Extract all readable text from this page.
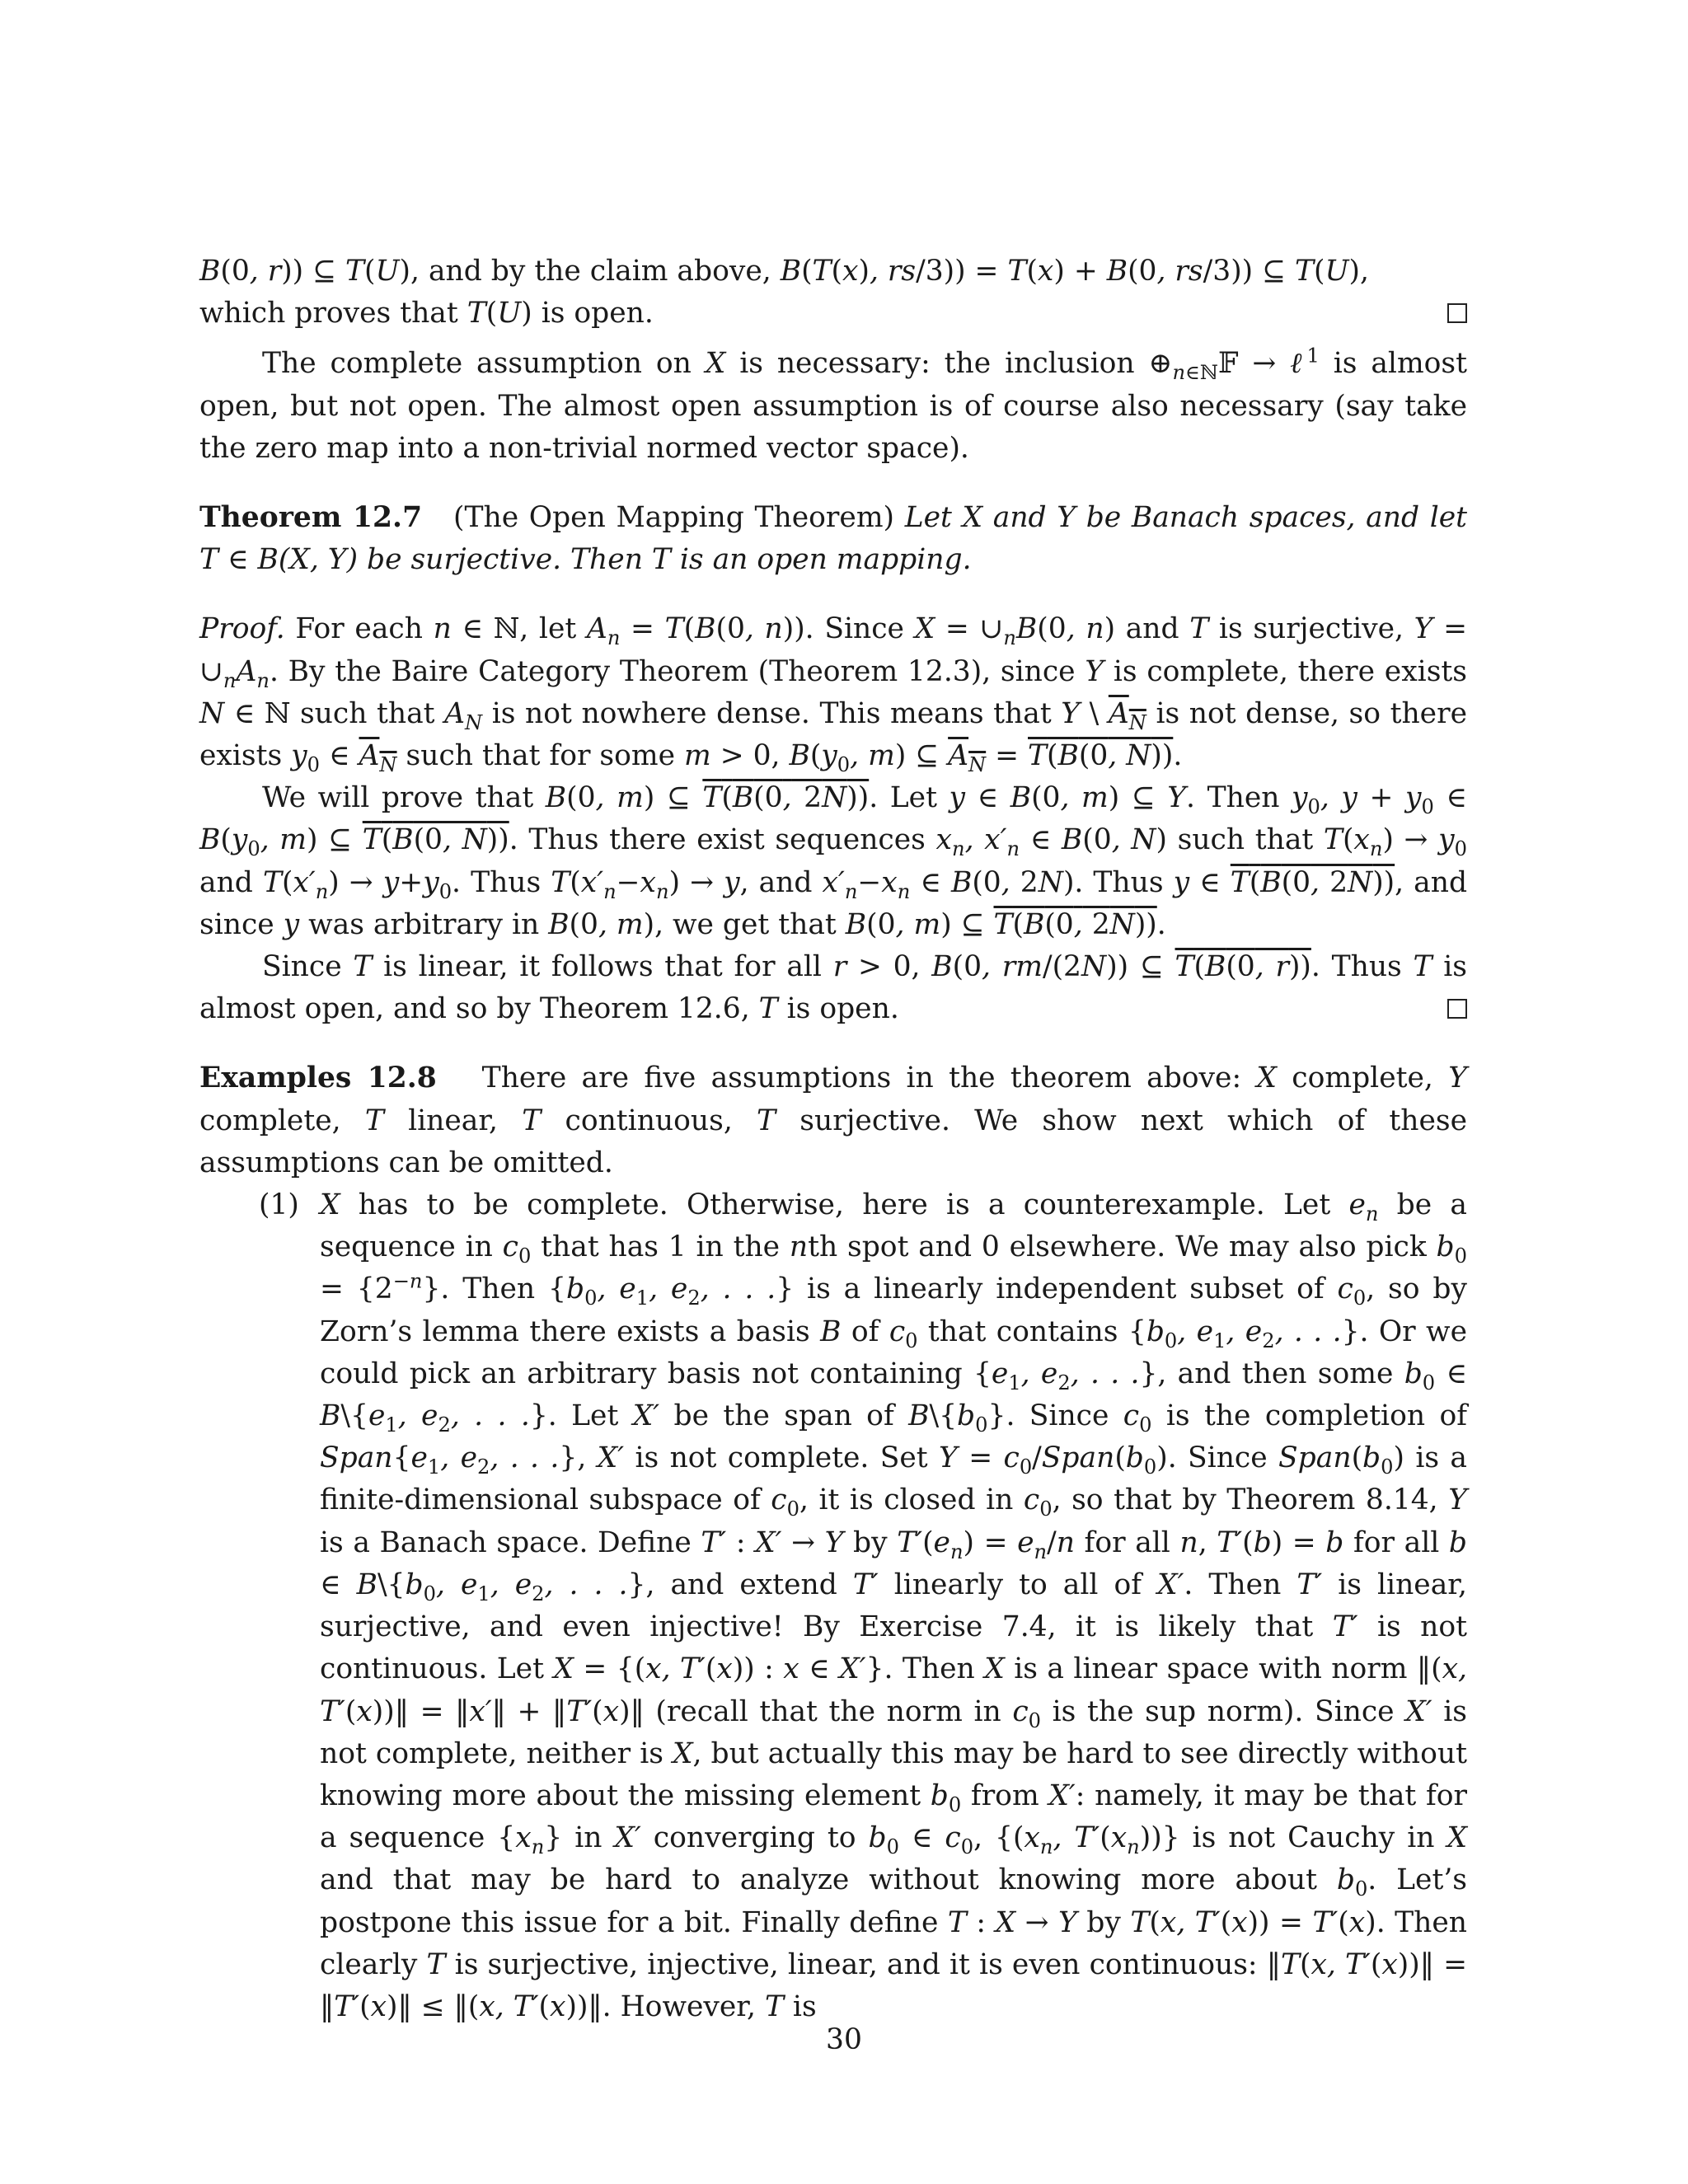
B(0, r)) ⊆ T(U), and by the claim above, B(T(x), rs/3)) = T(x) + B(0, rs/3)) ⊆ T(U),
which proves that T(U) is open.

The complete assumption on X is necessary: the inclusion $\oplus_{n\in ℕ}𝔽$ → ℓ$^1$ is almost open, but not open. The almost open assumption is of course also necessary (say take the zero map into a non-trivial normed vector space).

Theorem 12.7 (The Open Mapping Theorem) Let X and Y be Banach spaces, and let T ∈ B(X, Y) be surjective. Then T is an open mapping.

Proof. For each n ∈ ℕ, let $A_n = T(B(0$, n)). Since $X = \cup_nB(0$, n) and T is surjective, $Y = \cup_nA_n$. By the Baire Category Theorem (Theorem 12.3), since Y is complete, there exists N ∈ ℕ such that $A_N$ is not nowhere dense. This means that Y \ $A_N$ is not dense, so there exists $y_0$ ∈ $A_N$ such that for some m > 0, $B(y_0$, m) ⊆ $A_N = T(B(0$, N)).

We will prove that B(0, m) ⊆ T(B(0, 2N)). Let y ∈ B(0, m) ⊆ Y. Then $y_0$, $y + y_0$ ∈ $B(y_0$, m) ⊆ T(B(0, N)). Thus there exist sequences $x_n$, $x'_n$ ∈ B(0, N) such that $T(x_n) \to y_0$ and $T(x'_n) \to y+y_0$. Thus $T(x'_n-x_n) \to y$, and $x'_n-x_n$ ∈ B(0, 2N). Thus y ∈ T(B(0, 2N)), and since y was arbitrary in B(0, m), we get that B(0, m) ⊆ T(B(0, 2N)).

Since T is linear, it follows that for all r > 0, B(0, rm/(2N)) ⊆ T(B(0, r)). Thus T is almost open, and so by Theorem 12.6, T is open.

Examples 12.8   There are five assumptions in the theorem above: X complete, Y complete, T linear, T continuous, T surjective. We show next which of these assumptions can be omitted.

(1) X has to be complete. Otherwise, here is a counterexample. Let $e_n$ be a sequence in $c_0$ that has 1 in the nth spot and 0 elsewhere. We may also pick $b_0 = \{2^{-n}\}$. Then {$b_0$, $e_1$, $e_2$, . . .} is a linearly independent subset of $c_0$, so by Zorn’s lemma there exists a basis B of $c_0$ that contains {$b_0$, $e_1$, $e_2$, . . .}. Or we could pick an arbitrary basis not containing {$e_1$, $e_2$, . . .}, and then some $b_0$ ∈ $B\backslash\{e_1$, $e_2$, . . .}. Let X′ be the span of $B\backslash\{b_0\}$. Since $c_0$ is the completion of $Span\{e_1$, $e_2$, . . .}, X′ is not complete. Set $Y = c_0/Span(b_0)$. Since $Span(b_0)$ is a finite-dimensional subspace of $c_0$, it is closed in $c_0$, so that by Theorem 8.14, Y is a Banach space. Define T′ : X′ → Y by $T'(e_n) = e_n/n$ for all n, T′(b) = b for all b ∈ $B\backslash\{b_0$, $e_1$, $e_2$, . . .}, and extend T′ linearly to all of X′. Then T′ is linear, surjective, and even injective! By Exercise 7.4, it is likely that T′ is not continuous. Let X = {(x, T′(x)) : x ∈ X′}. Then X is a linear space with norm ‖(x, T′(x))‖ = ‖x′‖ + ‖T′(x)‖ (recall that the norm in $c_0$ is the sup norm). Since X′ is not complete, neither is X, but actually this may be hard to see directly without knowing more about the missing element $b_0$ from X′: namely, it may be that for a sequence $\{x_n\}$ in X′ converging to $b_0$ ∈ $c_0$, {($x_n$, $T'(x_n)$)} is not Cauchy in X and that may be hard to analyze without knowing more about $b_0$. Let’s postpone this issue for a bit. Finally define T : X → Y by T(x, T′(x)) = T′(x). Then clearly T is surjective, injective, linear, and it is even continuous: ‖T(x, T′(x))‖ = ‖T′(x)‖ ≤ ‖(x, T′(x))‖. However, T is

30
